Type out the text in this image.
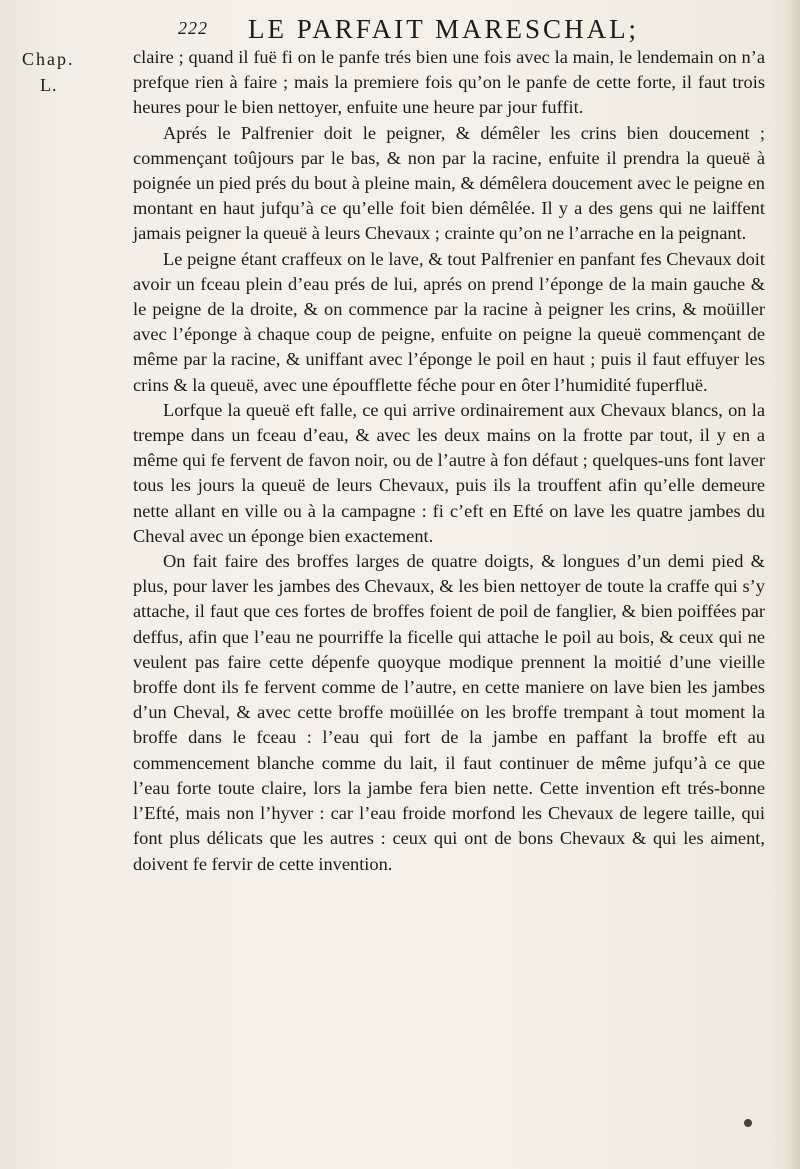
222 LE PARFAIT MARESCHAL;
Chap.
L.

claire ; quand il fuë fi on le panfe trés bien une fois avec la main, le lendemain on n’a prefque rien à faire ; mais la premiere fois qu’on le panfe de cette forte, il faut trois heures pour le bien nettoyer, enfuite une heure par jour fuffit.

Aprés le Palfrenier doit le peigner, & démêler les crins bien doucement ; commençant toûjours par le bas, & non par la racine, enfuite il prendra la queuë à poignée un pied prés du bout à pleine main, & démêlera doucement avec le peigne en montant en haut jufqu’à ce qu’elle foit bien démêlée. Il y a des gens qui ne laiffent jamais peigner la queuë à leurs Chevaux ; crainte qu’on ne l’arrache en la peignant.

Le peigne étant craffeux on le lave, & tout Palfrenier en panfant fes Chevaux doit avoir un fceau plein d’eau prés de lui, aprés on prend l’éponge de la main gauche & le peigne de la droite, & on commence par la racine à peigner les crins, & moüiller avec l’éponge à chaque coup de peigne, enfuite on peigne la queuë commençant de même par la racine, & uniffant avec l’éponge le poil en haut ; puis il faut effuyer les crins & la queuë, avec une époufflette féche pour en ôter l’humidité fuperfluë.

Lorfque la queuë eft falle, ce qui arrive ordinairement aux Chevaux blancs, on la trempe dans un fceau d’eau, & avec les deux mains on la frotte par tout, il y en a même qui fe fervent de favon noir, ou de l’autre à fon défaut ; quelques-uns font laver tous les jours la queuë de leurs Chevaux, puis ils la trouffent afin qu’elle demeure nette allant en ville ou à la campagne : fi c’eft en Efté on lave les quatre jambes du Cheval avec un éponge bien exactement.

On fait faire des broffes larges de quatre doigts, & longues d’un demi pied & plus, pour laver les jambes des Chevaux, & les bien nettoyer de toute la craffe qui s’y attache, il faut que ces fortes de broffes foient de poil de fanglier, & bien poiffées par deffus, afin que l’eau ne pourriffe la ficelle qui attache le poil au bois, & ceux qui ne veulent pas faire cette dépenfe quoyque modique prennent la moitié d’une vieille broffe dont ils fe fervent comme de l’autre, en cette maniere on lave bien les jambes d’un Cheval, & avec cette broffe moüillée on les broffe trempant à tout moment la broffe dans le fceau : l’eau qui fort de la jambe en paffant la broffe eft au commencement blanche comme du lait, il faut continuer de même jufqu’à ce que l’eau forte toute claire, lors la jambe fera bien nette. Cette invention eft trés-bonne l’Efté, mais non l’hyver : car l’eau froide morfond les Chevaux de legere taille, qui font plus délicats que les autres : ceux qui ont de bons Chevaux & qui les aiment, doivent fe fervir de cette invention.
